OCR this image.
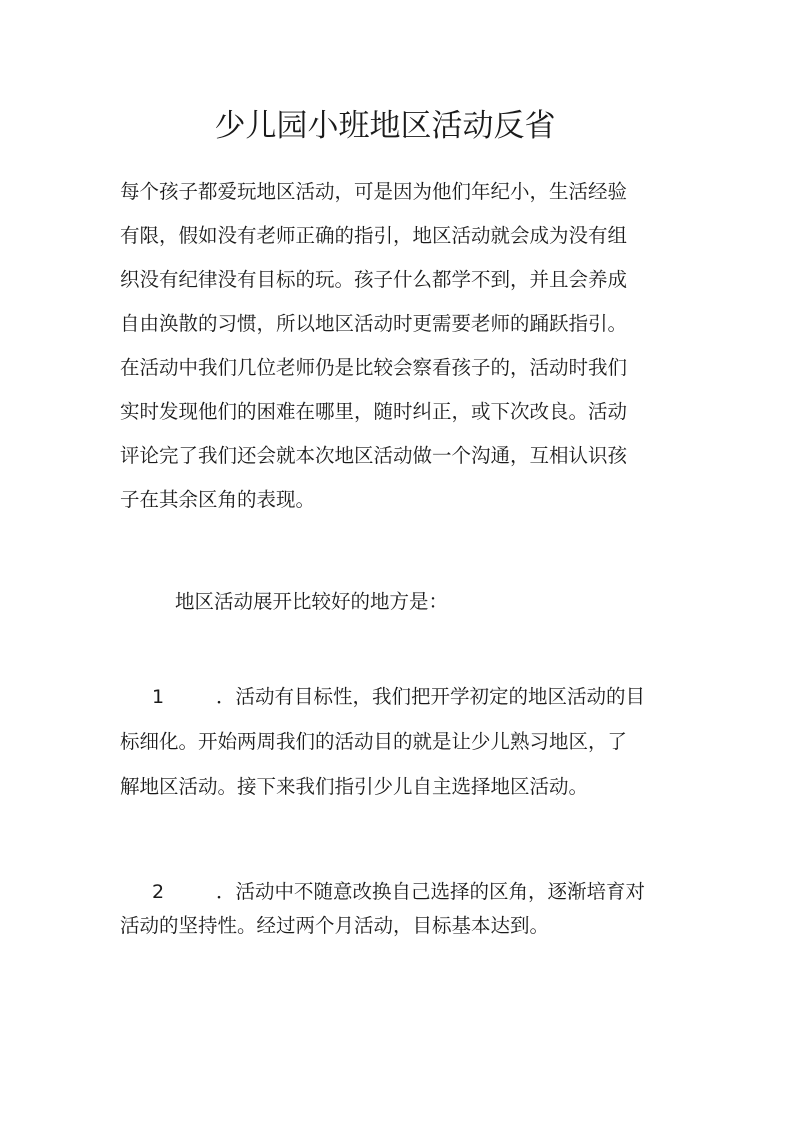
少儿园小班地区活动反省
每个孩子都爱玩地区活动，可是因为他们年纪小，生活经验
有限，假如没有老师正确的指引，地区活动就会成为没有组
织没有纪律没有目标的玩。孩子什么都学不到，并且会养成
自由涣散的习惯，所以地区活动时更需要老师的踊跃指引。
在活动中我们几位老师仍是比较会察看孩子的，活动时我们
实时发现他们的困难在哪里，随时纠正，或下次改良。活动
评论完了我们还会就本次地区活动做一个沟通，互相认识孩
子在其余区角的表现。
地区活动展开比较好的地方是：
1	．活动有目标性，我们把开学初定的地区活动的目
标细化。开始两周我们的活动目的就是让少儿熟习地区，了
解地区活动。接下来我们指引少儿自主选择地区活动。
2	．活动中不随意改换自己选择的区角，逐渐培育对
活动的坚持性。经过两个月活动，目标基本达到。
